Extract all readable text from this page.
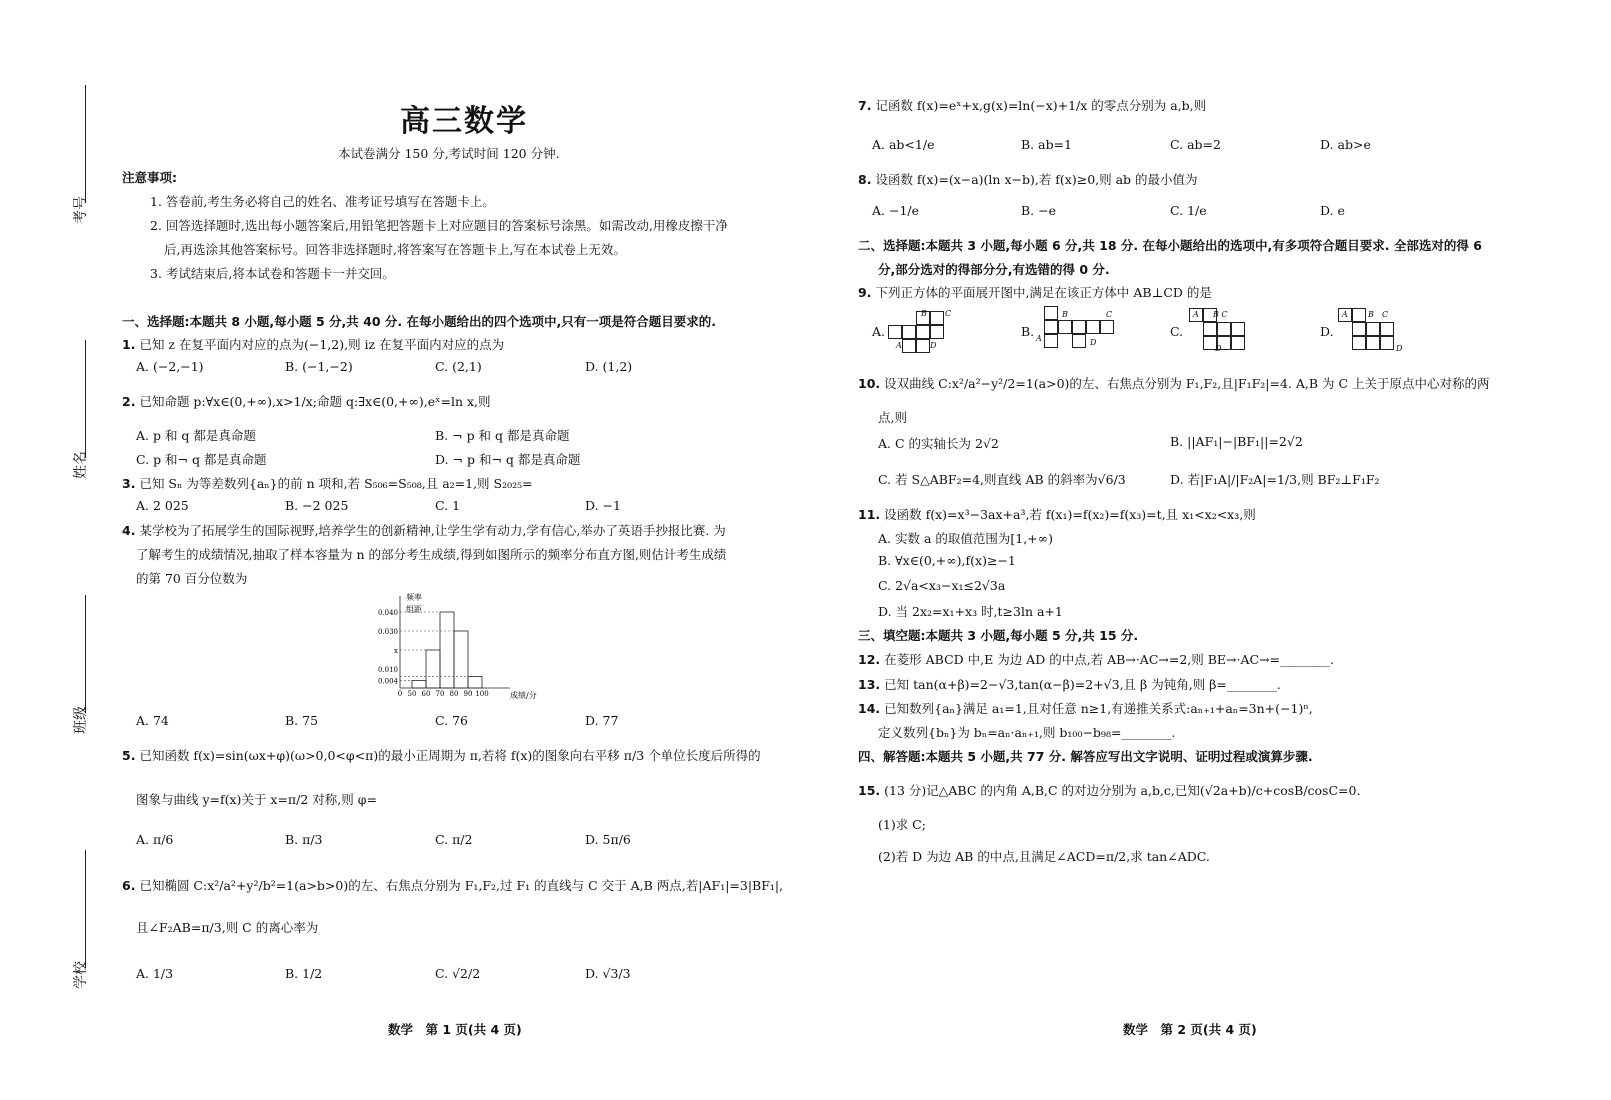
考号
姓名
班级
学校
高三数学
本试卷满分 150 分,考试时间 120 分钟.
注意事项:
1. 答卷前,考生务必将自己的姓名、准考证号填写在答题卡上。
2. 回答选择题时,选出每小题答案后,用铅笔把答题卡上对应题目的答案标号涂黑。如需改动,用橡皮擦干净
后,再选涂其他答案标号。回答非选择题时,将答案写在答题卡上,写在本试卷上无效。
3. 考试结束后,将本试卷和答题卡一并交回。
一、选择题:本题共 8 小题,每小题 5 分,共 40 分. 在每小题给出的四个选项中,只有一项是符合题目要求的.
1. 已知 z 在复平面内对应的点为(−1,2),则 iz 在复平面内对应的点为
A. (−2,−1)	B. (−1,−2)	C. (2,1)	D. (1,2)
2. 已知命题 p:∀x∈(0,+∞),x>1/x;命题 q:∃x∈(0,+∞),eˣ=ln x,则
A. p 和 q 都是真命题	B. ¬ p 和 q 都是真命题
C. p 和¬ q 都是真命题	D. ¬ p 和¬ q 都是真命题
3. 已知 Sₙ 为等差数列{aₙ}的前 n 项和,若 S₅₀₆=S₅₀₈,且 a₂=1,则 S₂₀₂₅=
A. 2 025	B. −2 025	C. 1	D. −1
4. 某学校为了拓展学生的国际视野,培养学生的创新精神,让学生学有动力,学有信心,举办了英语手抄报比赛. 为
了解考生的成绩情况,抽取了样本容量为 n 的部分考生成绩,得到如图所示的频率分布直方图,则估计考生成绩
的第 70 百分位数为
频率
组距
成绩/分
0.040
0.030
x
0.010
0.004
0 50 60 70 80 90 100
A. 74	B. 75	C. 76	D. 77
5. 已知函数 f(x)=sin(ωx+φ)(ω>0,0<φ<π)的最小正周期为 π,若将 f(x)的图象向右平移 π/3 个单位长度后所得的
图象与曲线 y=f(x)关于 x=π/2 对称,则 φ=
A. π/6	B. π/3	C. π/2	D. 5π/6
6. 已知椭圆 C:x²/a²+y²/b²=1(a>b>0)的左、右焦点分别为 F₁,F₂,过 F₁ 的直线与 C 交于 A,B 两点,若|AF₁|=3|BF₁|,
且∠F₂AB=π/3,则 C 的离心率为
A. 1/3	B. 1/2	C. √2/2	D. √3/3
数学　第 1 页(共 4 页)
7. 记函数 f(x)=eˣ+x,g(x)=ln(−x)+1/x 的零点分别为 a,b,则
A. ab<1/e	B. ab=1	C. ab=2	D. ab>e
8. 设函数 f(x)=(x−a)(ln x−b),若 f(x)≥0,则 ab 的最小值为
A. −1/e	B. −e	C. 1/e	D. e
二、选择题:本题共 3 小题,每小题 6 分,共 18 分. 在每小题给出的选项中,有多项符合题目要求. 全部选对的得 6
分,部分选对的得部分分,有选错的得 0 分.
9. 下列正方体的平面展开图中,满足在该正方体中 AB⊥CD 的是
A.
B C
A	D
B.
B	C
A	D
C.
A B C
D
D.
A	B C
D
10. 设双曲线 C:x²/a²−y²/2=1(a>0)的左、右焦点分别为 F₁,F₂,且|F₁F₂|=4. A,B 为 C 上关于原点中心对称的两
点,则
A. C 的实轴长为 2√2	B. ||AF₁|−|BF₁||=2√2
C. 若 S△ABF₂=4,则直线 AB 的斜率为√6/3	D. 若|F₁A|/|F₂A|=1/3,则 BF₂⊥F₁F₂
11. 设函数 f(x)=x³−3ax+a³,若 f(x₁)=f(x₂)=f(x₃)=t,且 x₁<x₂<x₃,则
A. 实数 a 的取值范围为[1,+∞)
B. ∀x∈(0,+∞),f(x)≥−1
C. 2√a<x₃−x₁≤2√3a
D. 当 2x₂=x₁+x₃ 时,t≥3ln a+1
三、填空题:本题共 3 小题,每小题 5 分,共 15 分.
12. 在菱形 ABCD 中,E 为边 AD 的中点,若 AB→·AC→=2,则 BE→·AC→=________.
13. 已知 tan(α+β)=2−√3,tan(α−β)=2+√3,且 β 为钝角,则 β=________.
14. 已知数列{aₙ}满足 a₁=1,且对任意 n≥1,有递推关系式:aₙ₊₁+aₙ=3n+(−1)ⁿ,
定义数列{bₙ}为 bₙ=aₙ·aₙ₊₁,则 b₁₀₀−b₉₈=________.
四、解答题:本题共 5 小题,共 77 分. 解答应写出文字说明、证明过程或演算步骤.
15. (13 分)记△ABC 的内角 A,B,C 的对边分别为 a,b,c,已知(√2a+b)/c+cosB/cosC=0.
(1)求 C;
(2)若 D 为边 AB 的中点,且满足∠ACD=π/2,求 tan∠ADC.
数学　第 2 页(共 4 页)
